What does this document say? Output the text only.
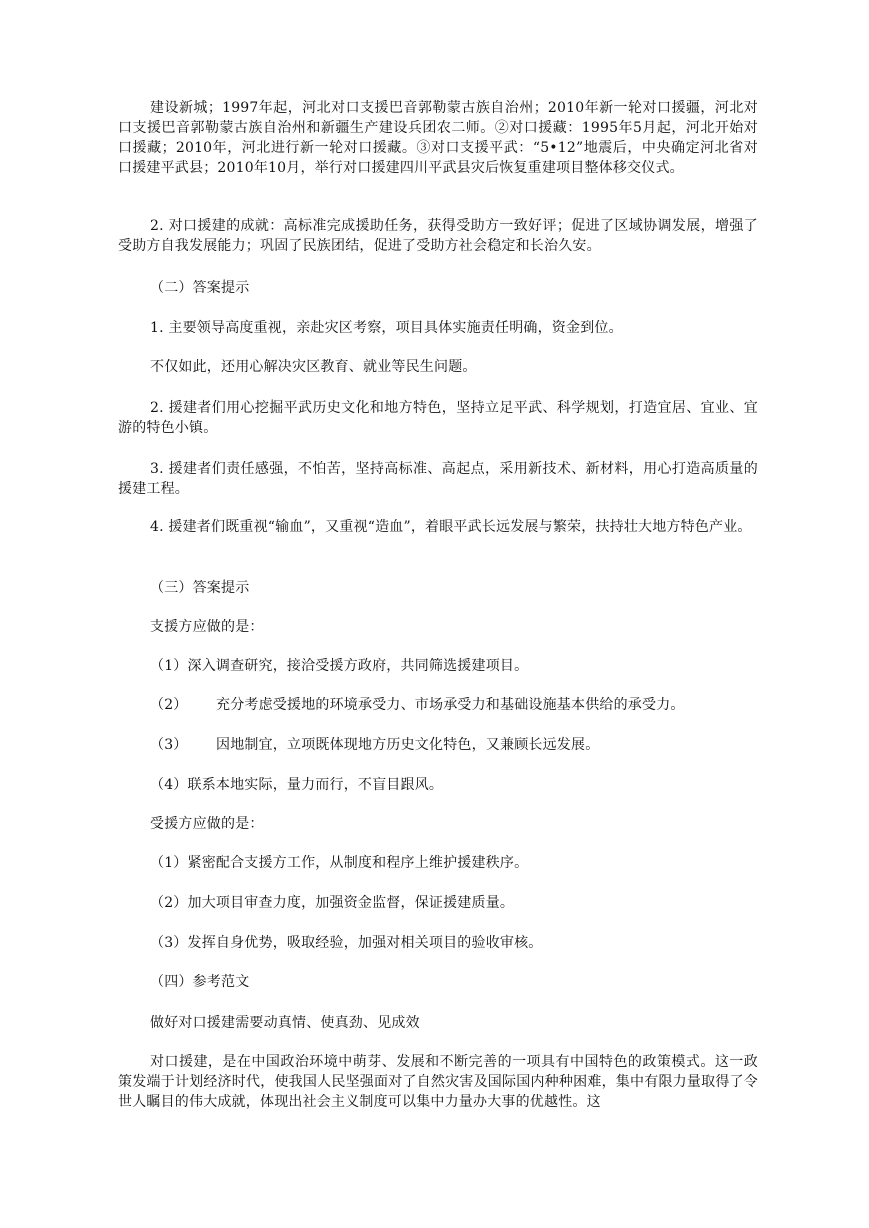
建设新城；1997年起，河北对口支援巴音郭勒蒙古族自治州；2010年新一轮对口援疆，河北对口支援巴音郭勒蒙古族自治州和新疆生产建设兵团农二师。②对口援藏：1995年5月起，河北开始对口援藏；2010年，河北进行新一轮对口援藏。③对口支援平武：“5•12”地震后，中央确定河北省对口援建平武县；2010年10月，举行对口援建四川平武县灾后恢复重建项目整体移交仪式。

2. 对口援建的成就：高标准完成援助任务，获得受助方一致好评；促进了区域协调发展，增强了受助方自我发展能力；巩固了民族团结，促进了受助方社会稳定和长治久安。

（二）答案提示

1. 主要领导高度重视，亲赴灾区考察，项目具体实施责任明确，资金到位。

不仅如此，还用心解决灾区教育、就业等民生问题。

2. 援建者们用心挖掘平武历史文化和地方特色，坚持立足平武、科学规划，打造宜居、宜业、宜游的特色小镇。

3. 援建者们责任感强，不怕苦，坚持高标准、高起点，采用新技术、新材料，用心打造高质量的援建工程。

4. 援建者们既重视“输血”，又重视“造血”，着眼平武长远发展与繁荣，扶持壮大地方特色产业。

（三）答案提示

支援方应做的是：

（1）深入调查研究，接洽受援方政府，共同筛选援建项目。

（2） 充分考虑受援地的环境承受力、市场承受力和基础设施基本供给的承受力。

（3） 因地制宜，立项既体现地方历史文化特色，又兼顾长远发展。

（4）联系本地实际，量力而行，不盲目跟风。

受援方应做的是：

（1）紧密配合支援方工作，从制度和程序上维护援建秩序。

（2）加大项目审查力度，加强资金监督，保证援建质量。

（3）发挥自身优势，吸取经验，加强对相关项目的验收审核。

（四）参考范文

做好对口援建需要动真情、使真劲、见成效

对口援建，是在中国政治环境中萌芽、发展和不断完善的一项具有中国特色的政策模式。这一政策发端于计划经济时代，使我国人民坚强面对了自然灾害及国际国内种种困难，集中有限力量取得了令世人瞩目的伟大成就，体现出社会主义制度可以集中力量办大事的优越性。这
